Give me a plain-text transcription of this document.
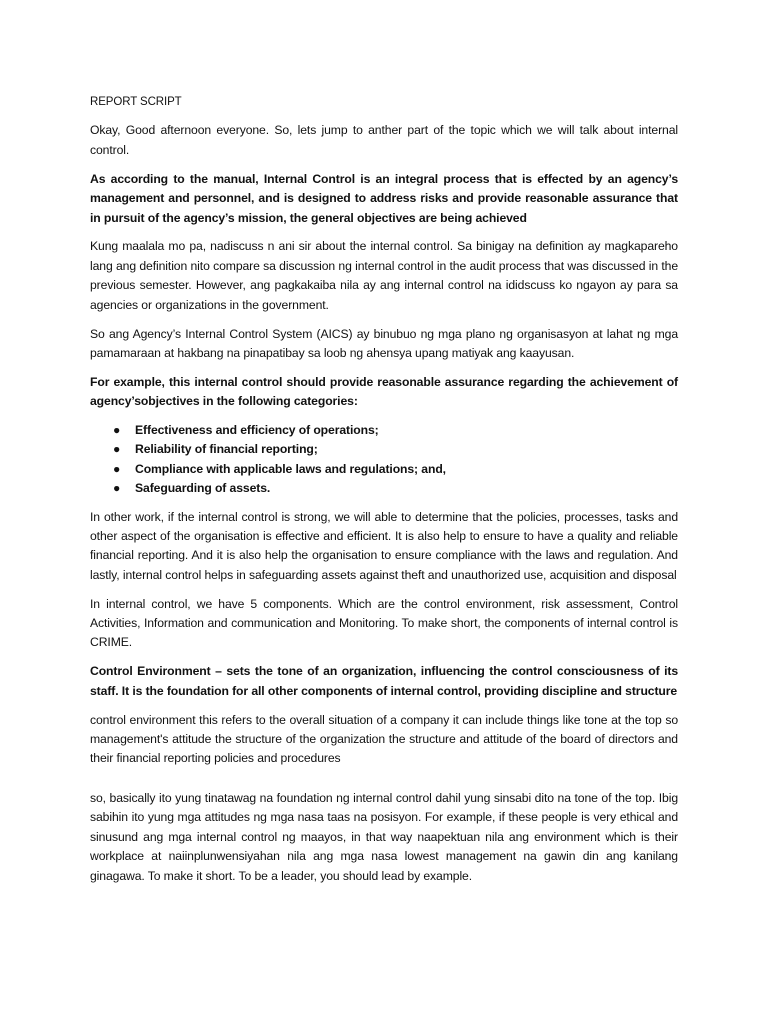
REPORT SCRIPT

Okay, Good afternoon everyone. So, lets jump to anther part of the topic which we will talk about internal control.

As according to the manual, Internal Control is an integral process that is effected by an agency’s management and personnel, and is designed to address risks and provide reasonable assurance that in pursuit of the agency’s mission, the general objectives are being achieved

Kung maalala mo pa, nadiscuss n ani sir about the internal control. Sa binigay na definition ay magkapareho lang ang definition nito compare sa discussion ng internal control in the audit process that was discussed in the previous semester. However, ang pagkakaiba nila ay ang internal control na ididscuss ko ngayon ay para sa agencies or organizations in the government.

So ang Agency’s Internal Control System (AICS) ay binubuo ng mga plano ng organisasyon at lahat ng mga pamamaraan at hakbang na pinapatibay sa loob ng ahensya upang matiyak ang kaayusan.

For example, this internal control should provide reasonable assurance regarding the achievement of agency’sobjectives in the following categories:

● Effectiveness and efficiency of operations;
● Reliability of financial reporting;
● Compliance with applicable laws and regulations; and,
● Safeguarding of assets.

In other work, if the internal control is strong, we will able to determine that the policies, processes, tasks and other aspect of the organisation is effective and efficient. It is also help to ensure to have a quality and reliable financial reporting. And it is also help the organisation to ensure compliance with the laws and regulation. And lastly, internal control helps in safeguarding assets against theft and unauthorized use, acquisition and disposal

In internal control, we have 5 components. Which are the control environment, risk assessment, Control Activities, Information and communication and Monitoring. To make short, the components of internal control is CRIME.

Control Environment – sets the tone of an organization, influencing the control consciousness of its staff. It is the foundation for all other components of internal control, providing discipline and structure

control environment this refers to the overall situation of a company it can include things like tone at the top so management's attitude the structure of the organization the structure and attitude of the board of directors and their financial reporting policies and procedures

so, basically ito yung tinatawag na foundation ng internal control dahil yung sinsabi dito na tone of the top. Ibig sabihin ito yung mga attitudes ng mga nasa taas na posisyon. For example, if these people is very ethical and sinusund ang mga internal control ng maayos, in that way naapektuan nila ang environment which is their workplace at naiinplunwensiyahan nila ang mga nasa lowest management na gawin din ang kanilang ginagawa. To make it short. To be a leader, you should lead by example.
